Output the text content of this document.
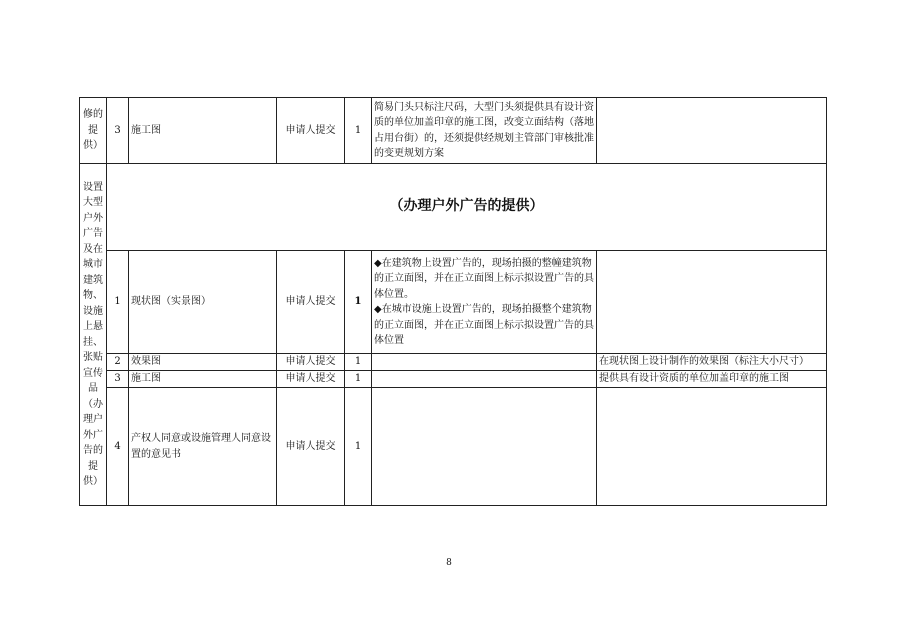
修的提供）	3	施工图	申请人提交	1	简易门头只标注尺码，大型门头须提供具有设计资质的单位加盖印章的施工图，改变立面结构（落地占用台街）的，还须提供经规划主管部门审核批准的变更规划方案	
设置大型户外广告及在城市建筑物、设施上悬挂、张贴宣传品（办理户外广告的提供）	（办理户外广告的提供）					
	1	现状图（实景图）	申请人提交	1	◆在建筑物上设置广告的，现场拍摄的整幢建筑物的正立面图，并在正立面图上标示拟设置广告的具体位置。
◆在城市设施上设置广告的，现场拍摄整个建筑物的正立面图，并在正立面图上标示拟设置广告的具体位置	

	2	效果图	申请人提交	1		在现状图上设计制作的效果图（标注大小尺寸）
	3	施工图	申请人提交	1		提供具有设计资质的单位加盖印章的施工图
	4	产权人同意或设施管理人同意设置的意见书	申请人提交	1		
8
